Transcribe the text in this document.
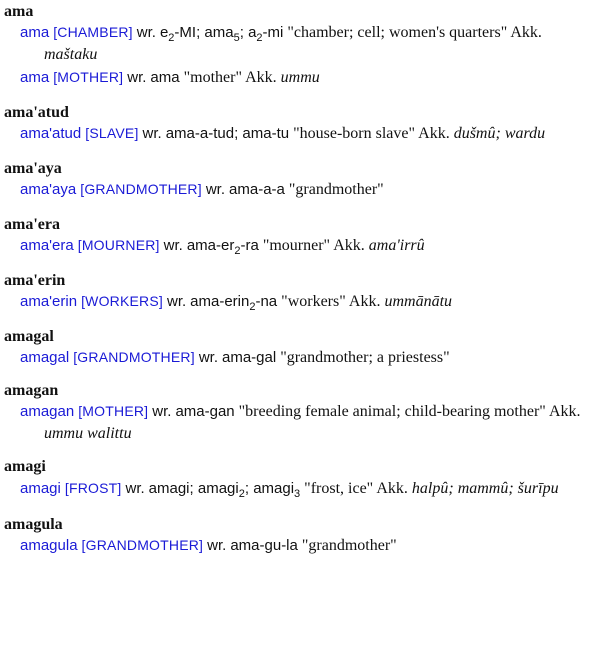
ama

ama [CHAMBER] wr. $e_2-MI$; ama$_5$; $a_2-mi$ "chamber; cell; women's quarters" Akk. maštaku

ama [MOTHER] wr. ama "mother" Akk. ummu

ama'atud

ama'atud [SLAVE] wr. ama-a-tud; ama-tu "house-born slave" Akk. dušmû; wardu

ama'aya

ama'aya [GRANDMOTHER] wr. ama-a-a "grandmother"

ama'era

ama'era [MOURNER] wr. ama-$er_2-ra$ "mourner" Akk. ama'irrû

ama'erin

ama'erin [WORKERS] wr. ama-erin$_2$-na "workers" Akk. ummānātu

amagal

amagal [GRANDMOTHER] wr. ama-gal "grandmother; a priestess"

amagan

amagan [MOTHER] wr. ama-gan "breeding female animal; child-bearing mother" Akk. ummu walittu

amagi

amagi [FROST] wr. amagi; amagi$_2$; amagi$_3$ "frost, ice" Akk. halpû; mammû; šurīpu

amagula

amagula [GRANDMOTHER] wr. ama-gu-la "grandmother"
